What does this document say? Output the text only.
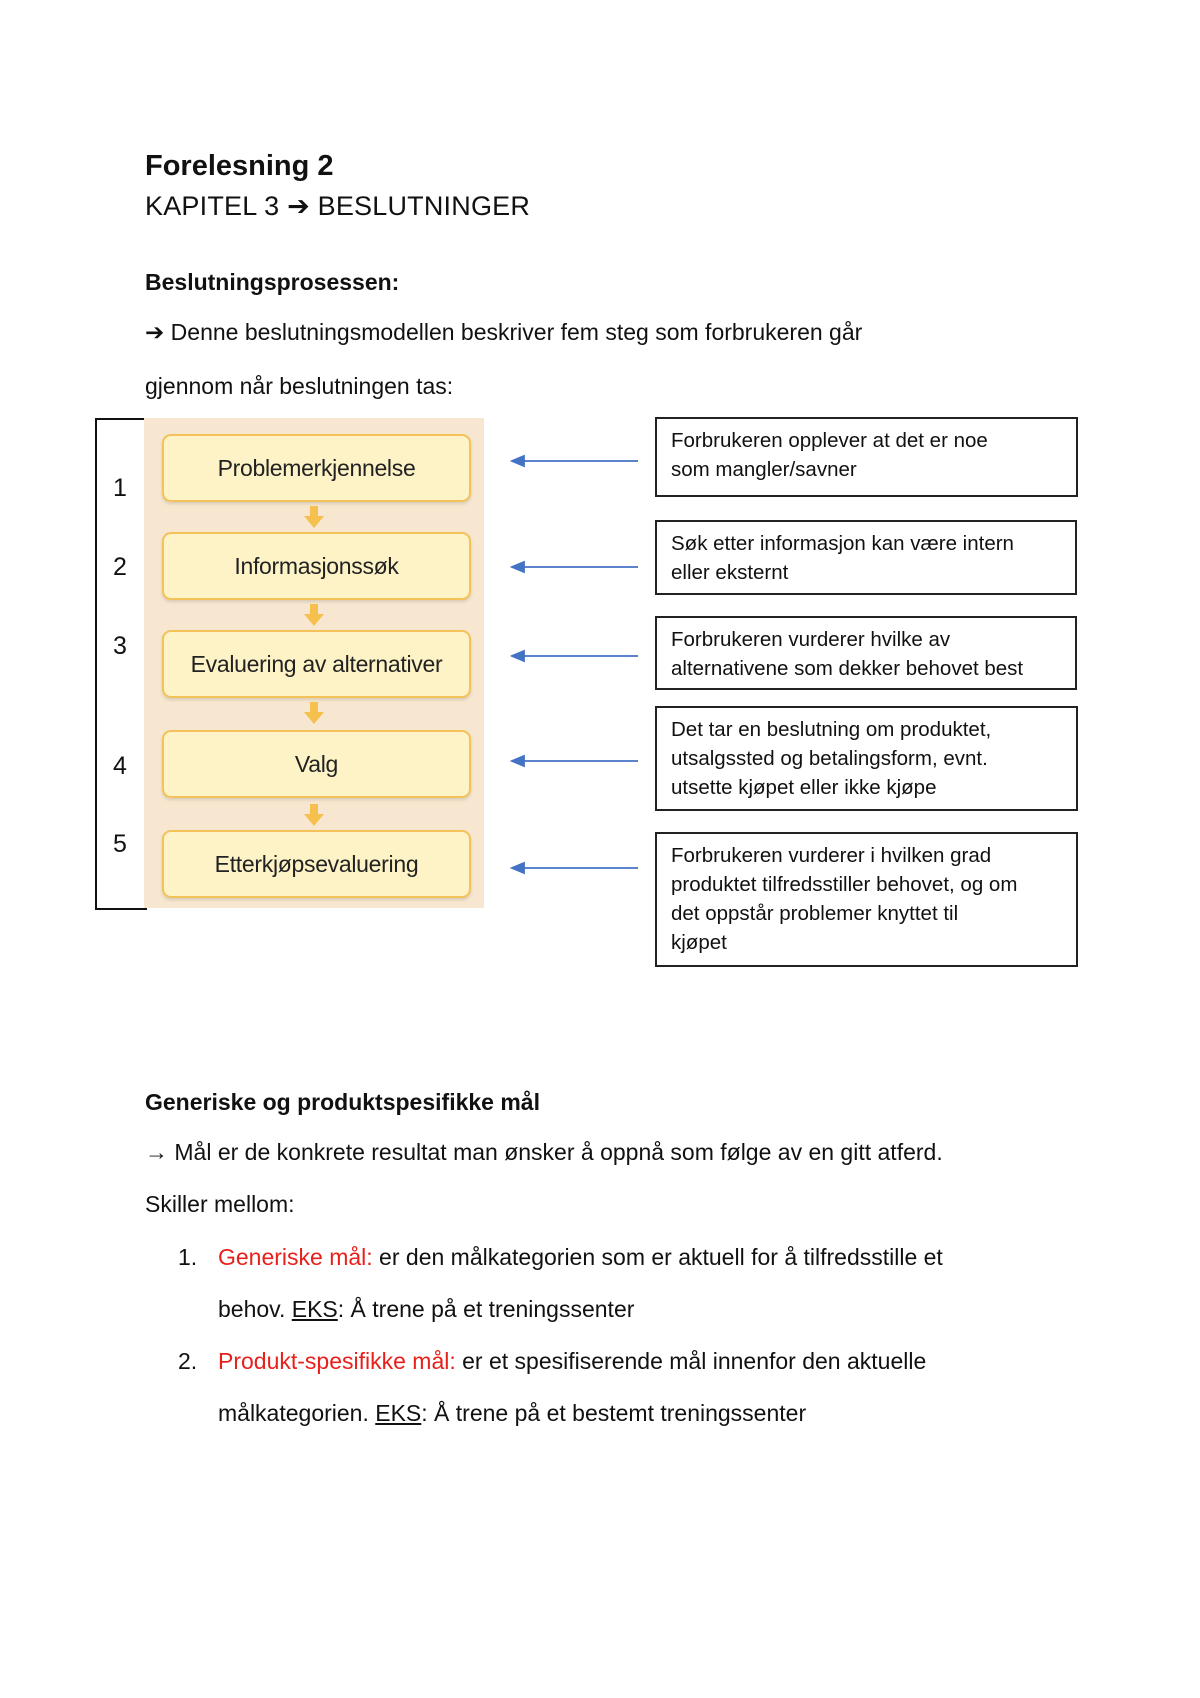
Forelesning 2
KAPITEL 3 ➔ BESLUTNINGER
Beslutningsprosessen:
➔ Denne beslutningsmodellen beskriver fem steg som forbrukeren går
gjennom når beslutningen tas:
1
2
3
4
5
Problemerkjennelse
Informasjonssøk
Evaluering av alternativer
Valg
Etterkjøpsevaluering
Forbrukeren opplever at det er noe
som mangler/savner
Søk etter informasjon kan være intern
eller eksternt
Forbrukeren vurderer hvilke av
alternativene som dekker behovet best
Det tar en beslutning om produktet,
utsalgssted og betalingsform, evnt.
utsette kjøpet eller ikke kjøpe
Forbrukeren vurderer i hvilken grad
produktet tilfredsstiller behovet, og om
det oppstår problemer knyttet til
kjøpet
Generiske og produktspesifikke mål
→ Mål er de konkrete resultat man ønsker å oppnå som følge av en gitt atferd.
Skiller mellom:
1. Generiske mål: er den målkategorien som er aktuell for å tilfredsstille et
behov. EKS: Å trene på et treningssenter
2. Produkt-spesifikke mål: er et spesifiserende mål innenfor den aktuelle
målkategorien. EKS: Å trene på et bestemt treningssenter
